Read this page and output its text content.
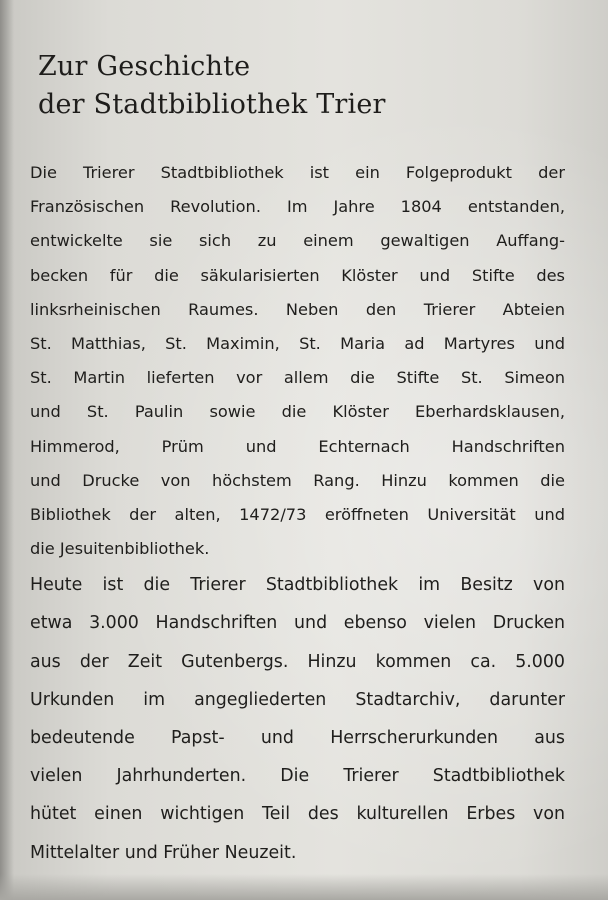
Zur Geschichte
der Stadtbibliothek Trier
Die Trierer Stadtbibliothek ist ein Folgeprodukt der
Französischen Revolution. Im Jahre 1804 entstanden,
entwickelte sie sich zu einem gewaltigen Auffang-
becken für die säkularisierten Klöster und Stifte des
linksrheinischen Raumes. Neben den Trierer Abteien
St. Matthias, St. Maximin, St. Maria ad Martyres und
St. Martin lieferten vor allem die Stifte St. Simeon
und St. Paulin sowie die Klöster Eberhardsklausen,
Himmerod, Prüm und Echternach Handschriften
und Drucke von höchstem Rang. Hinzu kommen die
Bibliothek der alten, 1472/73 eröffneten Universität und
die Jesuitenbibliothek.
Heute ist die Trierer Stadtbibliothek im Besitz von
etwa 3.000 Handschriften und ebenso vielen Drucken
aus der Zeit Gutenbergs. Hinzu kommen ca. 5.000
Urkunden im angegliederten Stadtarchiv, darunter
bedeutende Papst- und Herrscherurkunden aus
vielen Jahrhunderten. Die Trierer Stadtbibliothek
hütet einen wichtigen Teil des kulturellen Erbes von
Mittelalter und Früher Neuzeit.
